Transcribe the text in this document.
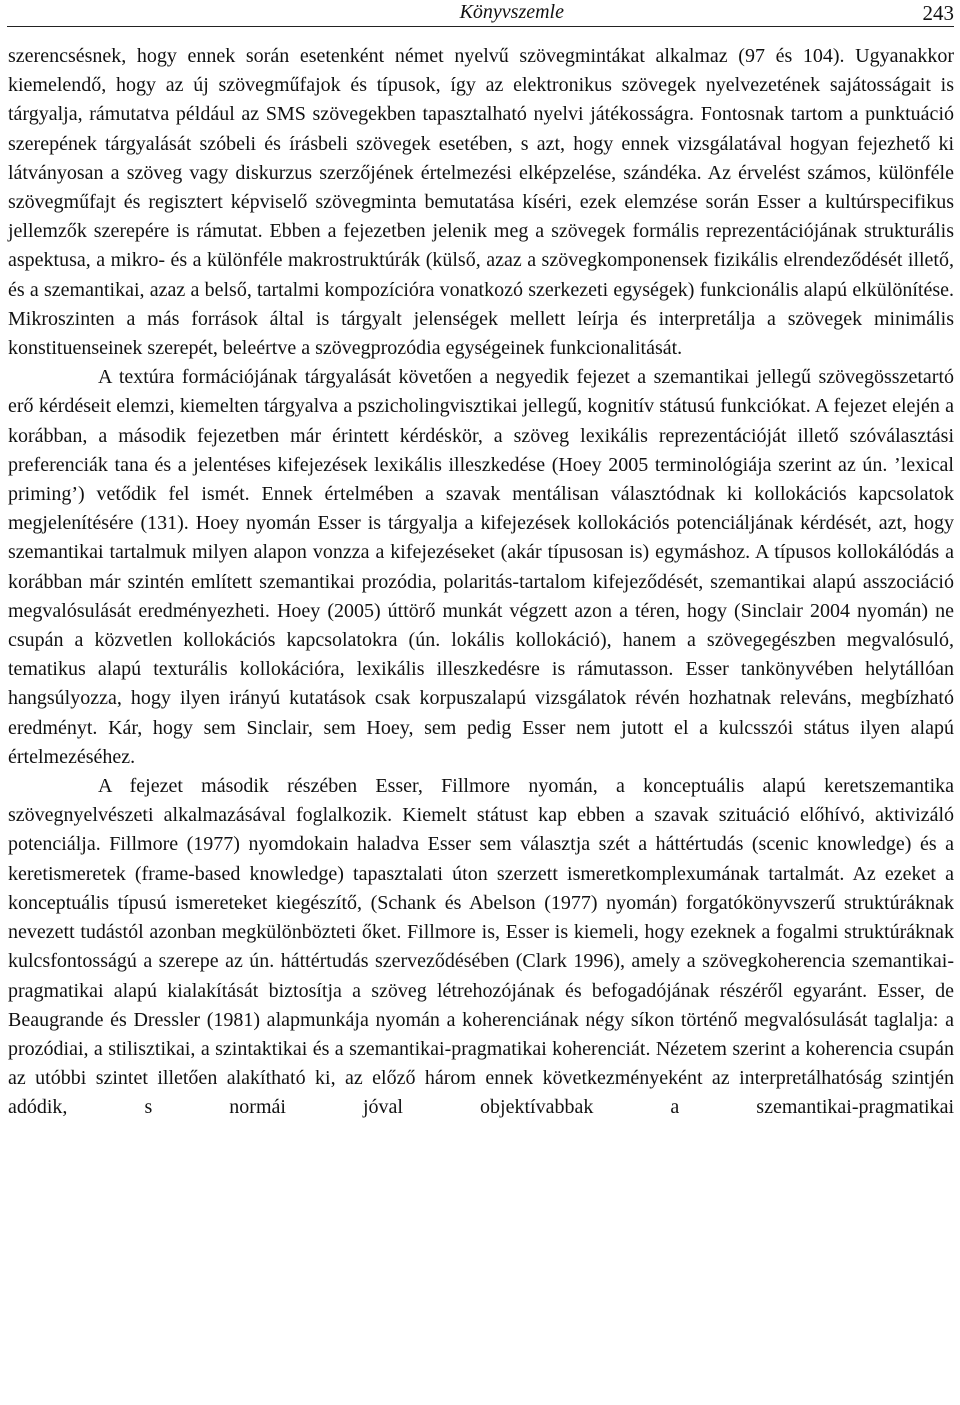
Könyvszemle	243

szerencsésnek, hogy ennek során esetenként német nyelvű szövegmintákat alkalmaz (97 és 104). Ugyanakkor kiemelendő, hogy az új szövegműfajok és típusok, így az elektronikus szövegek nyelvezetének sajátosságait is tárgyalja, rámutatva például az SMS szövegekben tapasztalható nyelvi játékosságra. Fontosnak tartom a punktuáció szerepének tárgyalását szóbeli és írásbeli szövegek esetében, s azt, hogy ennek vizsgálatával hogyan fejezhető ki látványosan a szöveg vagy diskurzus szerzőjének értelmezési elképzelése, szándéka. Az érvelést számos, különféle szövegműfajt és regisztert képviselő szövegminta bemutatása kíséri, ezek elemzése során Esser a kultúrspecifikus jellemzők szerepére is rámutat. Ebben a fejezetben jelenik meg a szövegek formális reprezentációjának strukturális aspektusa, a mikro- és a különféle makrostruktúrák (külső, azaz a szövegkomponensek fizikális elrendeződését illető, és a szemantikai, azaz a belső, tartalmi kompozícióra vonatkozó szerkezeti egységek) funkcionális alapú elkülönítése. Mikroszinten a más források által is tárgyalt jelenségek mellett leírja és interpretálja a szövegek minimális konstituenseinek szerepét, beleértve a szövegprozódia egységeinek funkcionalitását.

A textúra formációjának tárgyalását követően a negyedik fejezet a szemantikai jellegű szövegösszetartó erő kérdéseit elemzi, kiemelten tárgyalva a pszicholingvisztikai jellegű, kognitív státusú funkciókat. A fejezet elején a korábban, a második fejezetben már érintett kérdéskör, a szöveg lexikális reprezentációját illető szóválasztási preferenciák tana és a jelentéses kifejezések lexikális illeszkedése (Hoey 2005 terminológiája szerint az ún. ’lexical priming’) vetődik fel ismét. Ennek értelmében a szavak mentálisan választódnak ki kollokációs kapcsolatok megjelenítésére (131). Hoey nyomán Esser is tárgyalja a kifejezések kollokációs potenciáljának kérdését, azt, hogy szemantikai tartalmuk milyen alapon vonzza a kifejezéseket (akár típusosan is) egymáshoz. A típusos kollokálódás a korábban már szintén említett szemantikai prozódia, polaritás-tartalom kifejeződését, szemantikai alapú asszociáció megvalósulását eredményezheti. Hoey (2005) úttörő munkát végzett azon a téren, hogy (Sinclair 2004 nyomán) ne csupán a közvetlen kollokációs kapcsolatokra (ún. lokális kollokáció), hanem a szövegegészben megvalósuló, tematikus alapú texturális kollokációra, lexikális illeszkedésre is rámutasson. Esser tankönyvében helytállóan hangsúlyozza, hogy ilyen irányú kutatások csak korpuszalapú vizsgálatok révén hozhatnak releváns, megbízható eredményt. Kár, hogy sem Sinclair, sem Hoey, sem pedig Esser nem jutott el a kulcsszói státus ilyen alapú értelmezéséhez.

A fejezet második részében Esser, Fillmore nyomán, a konceptuális alapú keretszemantika szövegnyelvészeti alkalmazásával foglalkozik. Kiemelt státust kap ebben a szavak szituáció előhívó, aktivizáló potenciálja. Fillmore (1977) nyomdokain haladva Esser sem választja szét a háttértudás (scenic knowledge) és a keretismeretek (frame-based knowledge) tapasztalati úton szerzett ismeretkomplexumának tartalmát. Az ezeket a konceptuális típusú ismereteket kiegészítő, (Schank és Abelson (1977) nyomán) forgatókönyvszerű struktúráknak nevezett tudástól azonban megkülönbözteti őket. Fillmore is, Esser is kiemeli, hogy ezeknek a fogalmi struktúráknak kulcsfontosságú a szerepe az ún. háttértudás szerveződésében (Clark 1996), amely a szövegkoherencia szemantikai-pragmatikai alapú kialakítását biztosítja a szöveg létrehozójának és befogadójának részéről egyaránt. Esser, de Beaugrande és Dressler (1981) alapmunkája nyomán a koherenciának négy síkon történő megvalósulását taglalja: a prozódiai, a stilisztikai, a szintaktikai és a szemantikai-pragmatikai koherenciát. Nézetem szerint a koherencia csupán az utóbbi szintet illetően alakítható ki, az előző három ennek következményeként az interpretálhatóság szintjén adódik, s normái jóval objektívabbak a szemantikai-pragmatikai
